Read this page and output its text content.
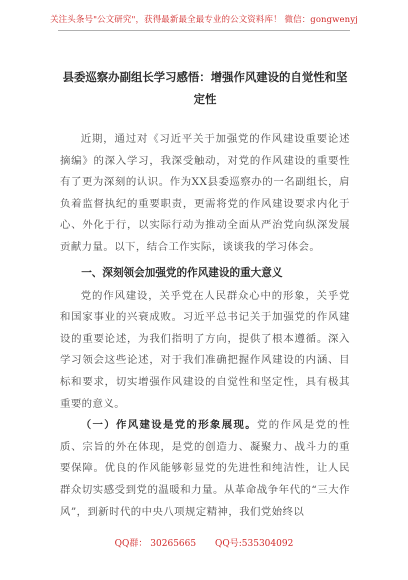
关注头条号"公文研究"，获得最新最全最专业的公文资料库！ 微信：gongwenyj
县委巡察办副组长学习感悟：增强作风建设的自觉性和坚定性

近期，通过对《习近平关于加强党的作风建设重要论述摘编》的深入学习，我深受触动，对党的作风建设的重要性有了更为深刻的认识。作为XX县委巡察办的一名副组长，肩负着监督执纪的重要职责，更需将党的作风建设要求内化于心、外化于行，以实际行动为推动全面从严治党向纵深发展贡献力量。以下，结合工作实际，谈谈我的学习体会。

一、深刻领会加强党的作风建设的重大意义

党的作风建设，关乎党在人民群众心中的形象，关乎党和国家事业的兴衰成败。习近平总书记关于加强党的作风建设的重要论述，为我们指明了方向，提供了根本遵循。深入学习领会这些论述，对于我们准确把握作风建设的内涵、目标和要求，切实增强作风建设的自觉性和坚定性，具有极其重要的意义。

（一）作风建设是党的形象展现。党的作风是党的性质、宗旨的外在体现，是党的创造力、凝聚力、战斗力的重要保障。优良的作风能够彰显党的先进性和纯洁性，让人民群众切实感受到党的温暖和力量。从革命战争年代的“三大作风”，到新时代的中央八项规定精神，我们党始终以

QQ群： 30265665 QQ号:535304092
